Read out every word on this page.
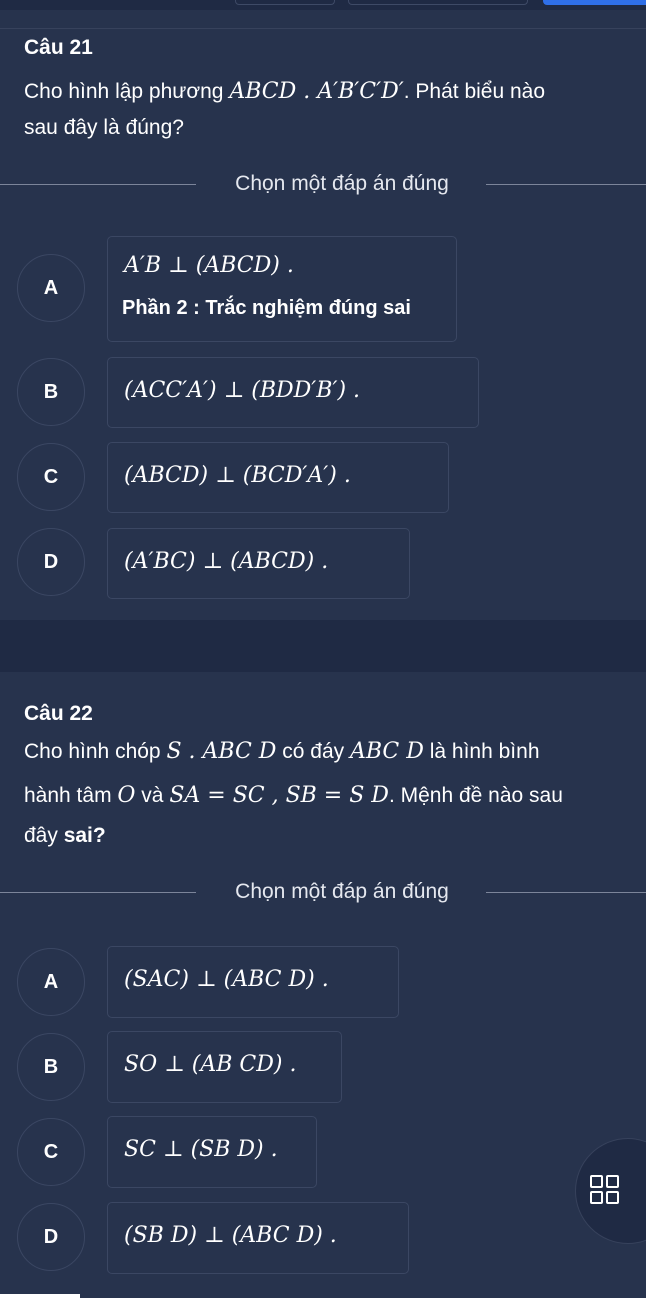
Câu 21
Cho hình lập phương ABCD . A′B′C′D′. Phát biểu nào
sau đây là đúng?
Chọn một đáp án đúng
A
A′B ⊥ (ABCD) .
Phần 2 : Trắc nghiệm đúng sai
B	(ACC′A′) ⊥ (BDD′B′) .
C	(ABCD) ⊥ (BCD′A′) .
D	(A′BC) ⊥ (ABCD) .
Câu 22
Cho hình chóp S . ABC D có đáy ABC D là hình bình
hành tâm O và SA = SC , SB = S D. Mệnh đề nào sau
đây sai?
Chọn một đáp án đúng
A	(SAC) ⊥ (ABC D) .
B	SO ⊥ (AB CD) .
C	SC ⊥ (SB D) .
D	(SB D) ⊥ (ABC D) .
